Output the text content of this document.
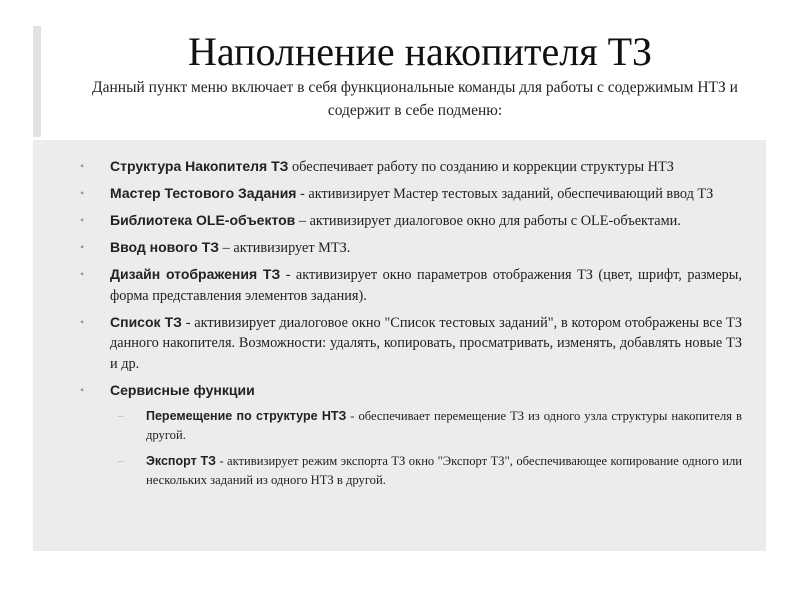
Наполнение накопителя ТЗ
Данный пункт меню включает в себя функциональные команды для работы с содержимым НТЗ и содержит в себе подменю:
• Структура Накопителя ТЗ обеспечивает работу по созданию и коррекции структуры НТЗ
• Мастер Тестового Задания - активизирует Мастер тестовых заданий, обеспечивающий ввод ТЗ
• Библиотека OLE-объектов – активизирует диалоговое окно для работы с OLE-объектами.
• Ввод нового ТЗ – активизирует МТЗ.
• Дизайн отображения ТЗ - активизирует окно параметров отображения ТЗ (цвет, шрифт, размеры, форма представления элементов задания).
• Список ТЗ - активизирует диалоговое окно "Список тестовых заданий", в котором отображены все ТЗ данного накопителя. Возможности: удалять, копировать, просматривать, изменять, добавлять новые ТЗ и др.
• Сервисные функции
– Перемещение по структуре НТЗ - обеспечивает перемещение ТЗ из одного узла структуры накопителя в другой.
– Экспорт ТЗ - активизирует режим экспорта ТЗ окно "Экспорт ТЗ", обеспечивающее копирование одного или нескольких заданий из одного НТЗ в другой.
